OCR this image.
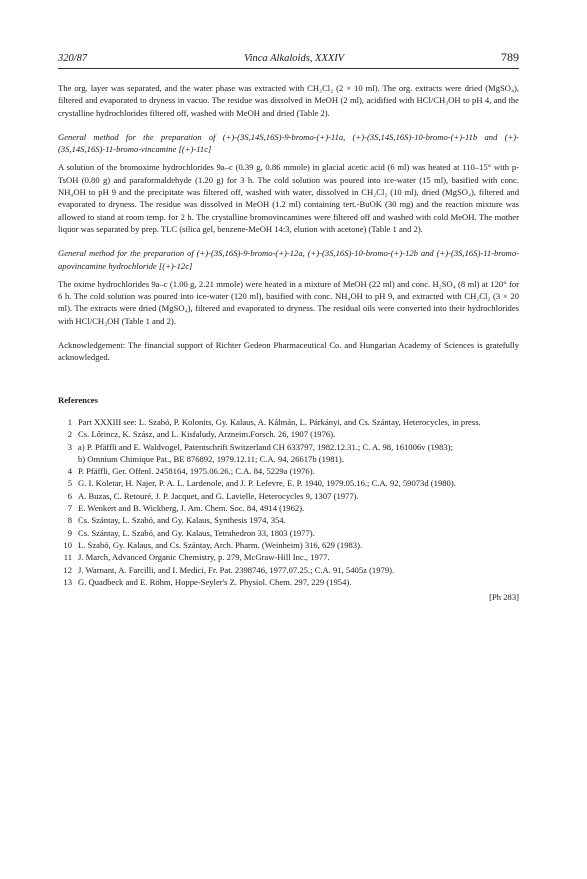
320/87	Vinca Alkaloids, XXXIV	789

The org. layer was separated, and the water phase was extracted with CH₂Cl₂ (2 × 10 ml). The org. extracts were dried (MgSO₄), filtered and evaporated to dryness in vacuo. The residue was dissolved in MeOH (2 ml), acidified with HCl/CH₃OH to pH 4, and the crystalline hydrochlorides filtered off, washed with MeOH and dried (Table 2).

General method for the preparation of (+)-(3S,14S,16S)-9-bromo-(+)-11a, (+)-(3S,14S,16S)-10-bromo-(+)-11b and (+)-(3S,14S,16S)-11-bromo-vincamine [(+)-11c]

A solution of the bromoxime hydrochlorides 9a–c (0.39 g, 0.86 mmole) in glacial acetic acid (6 ml) was heated at 110–15° with p-TsOH (0.80 g) and paraformaldehyde (1.20 g) for 3 h. The cold solution was poured into ice-water (15 ml), basified with conc. NH₄OH to pH 9 and the precipitate was filtered off, washed with water, dissolved in CH₂Cl₂ (10 ml), dried (MgSO₄), filtered and evaporated to dryness. The residue was dissolved in MeOH (1.2 ml) containing tert.-BuOK (30 mg) and the reaction mixture was allowed to stand at room temp. for 2 h. The crystalline bromovincamines were filtered off and washed with cold MeOH. The mother liquor was separated by prep. TLC (silica gel, benzene-MeOH 14:3, elution with acetone) (Table 1 and 2).

General method for the preparation of (+)-(3S,16S)-9-bromo-(+)-12a, (+)-(3S,16S)-10-bromo-(+)-12b and (+)-(3S,16S)-11-bromo-apovincamine hydrochloride [(+)-12c]

The oxime hydrochlorides 9a–c (1.00 g, 2.21 mmole) were heated in a mixture of MeOH (22 ml) and conc. H₂SO₄ (8 ml) at 120° for 6 h. The cold solution was poured into ice-water (120 ml), basified with conc. NH₄OH to pH 9, and extracted with CH₂Cl₂ (3 × 20 ml). The extracts were dried (MgSO₄), filtered and evaporated to dryness. The residual oils were converted into their hydrochlorides with HCl/CH₃OH (Table 1 and 2).

Acknowledgement: The financial support of Richter Gedeon Pharmaceutical Co. and Hungarian Academy of Sciences is gratefully acknowledged.

References
1 Part XXXIII see: L. Szabó, P. Kolonits, Gy. Kalaus, A. Kálmán, L. Párkányi, and Cs. Szántay, Heterocycles, in press.
2 Cs. Lőrincz, K. Szász, and L. Kisfaludy, Arzneim.Forsch. 26, 1907 (1976).
3 a) P. Pfäffli and E. Waldvogel, Patentschrift Switzerland CH 633797, 1982.12.31.; C. A. 98, 161006v (1983);
b) Omnium Chimique Pat., BE 876892, 1979.12.11; C.A. 94, 26617b (1981).
4 P. Pfäffli, Ger. Offenl. 2458164, 1975.06.26.; C.A. 84, 5229a (1976).
5 G. I. Koletar, H. Najer, P. A. L. Lardenole, and J. P. Lefevre, E. P. 1940, 1979.05.16.; C.A. 92, 59073d (1980).
6 A. Buzas, C. Retouré, J. P. Jacquet, and G. Lavielle, Heterocycles 9, 1307 (1977).
7 E. Wenkert and B. Wickberg, J. Am. Chem. Soc. 84, 4914 (1962).
8 Cs. Szántay, L. Szabó, and Gy. Kalaus, Synthesis 1974, 354.
9 Cs. Szántay, L. Szabó, and Gy. Kalaus, Tetrahedron 33, 1803 (1977).
10 L. Szabó, Gy. Kalaus, and Cs. Szántay, Arch. Pharm. (Weinheim) 316, 629 (1983).
11 J. March, Advanced Organic Chemistry, p. 279, McGraw-Hill Inc., 1977.
12 J. Warnant, A. Farcilli, and I. Medici, Fr. Pat. 2398746, 1977.07.25.; C.A. 91, 5405z (1979).
13 G. Quadbeck and E. Röhm, Hoppe-Seyler's Z. Physiol. Chem. 297, 229 (1954).
[Ph 283]
